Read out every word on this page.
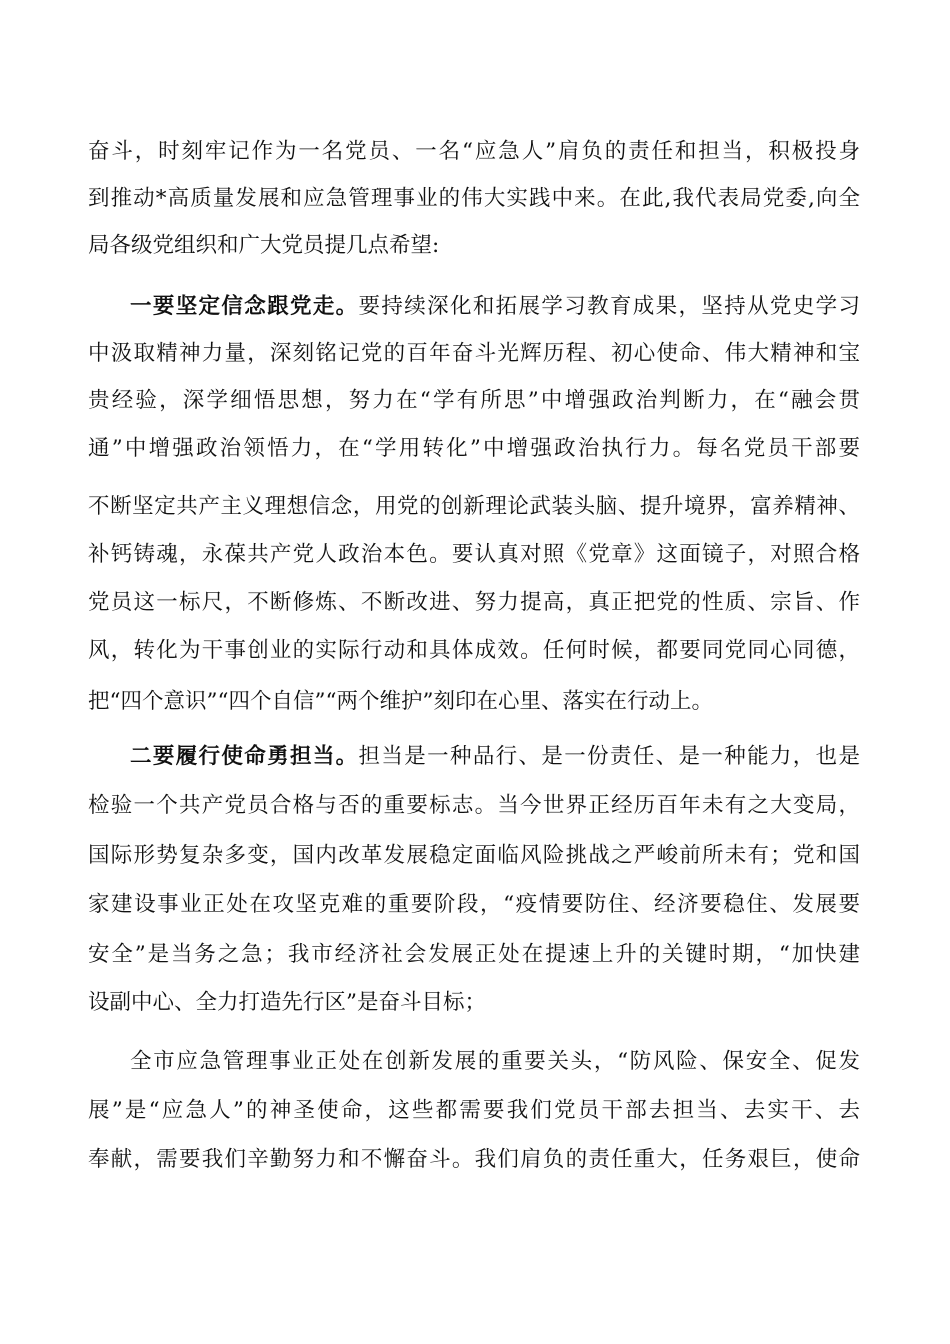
奋斗，时刻牢记作为一名党员、一名“应急人”肩负的责任和担当，积极投身
到推动*高质量发展和应急管理事业的伟大实践中来。在此,我代表局党委,向全
局各级党组织和广大党员提几点希望:
一要坚定信念跟党走。要持续深化和拓展学习教育成果，坚持从党史学习
中汲取精神力量，深刻铭记党的百年奋斗光辉历程、初心使命、伟大精神和宝
贵经验，深学细悟思想，努力在“学有所思”中增强政治判断力，在“融会贯
通”中增强政治领悟力，在“学用转化”中增强政治执行力。每名党员干部要
不断坚定共产主义理想信念，用党的创新理论武装头脑、提升境界，富养精神、
补钙铸魂，永葆共产党人政治本色。要认真对照《党章》这面镜子，对照合格
党员这一标尺，不断修炼、不断改进、努力提高，真正把党的性质、宗旨、作
风，转化为干事创业的实际行动和具体成效。任何时候，都要同党同心同德，
把“四个意识”“四个自信”“两个维护”刻印在心里、落实在行动上。
二要履行使命勇担当。担当是一种品行、是一份责任、是一种能力，也是
检验一个共产党员合格与否的重要标志。当今世界正经历百年未有之大变局，
国际形势复杂多变，国内改革发展稳定面临风险挑战之严峻前所未有；党和国
家建设事业正处在攻坚克难的重要阶段，“疫情要防住、经济要稳住、发展要
安全”是当务之急；我市经济社会发展正处在提速上升的关键时期，“加快建
设副中心、全力打造先行区”是奋斗目标；
全市应急管理事业正处在创新发展的重要关头，“防风险、保安全、促发
展”是“应急人”的神圣使命，这些都需要我们党员干部去担当、去实干、去
奉献，需要我们辛勤努力和不懈奋斗。我们肩负的责任重大，任务艰巨，使命
